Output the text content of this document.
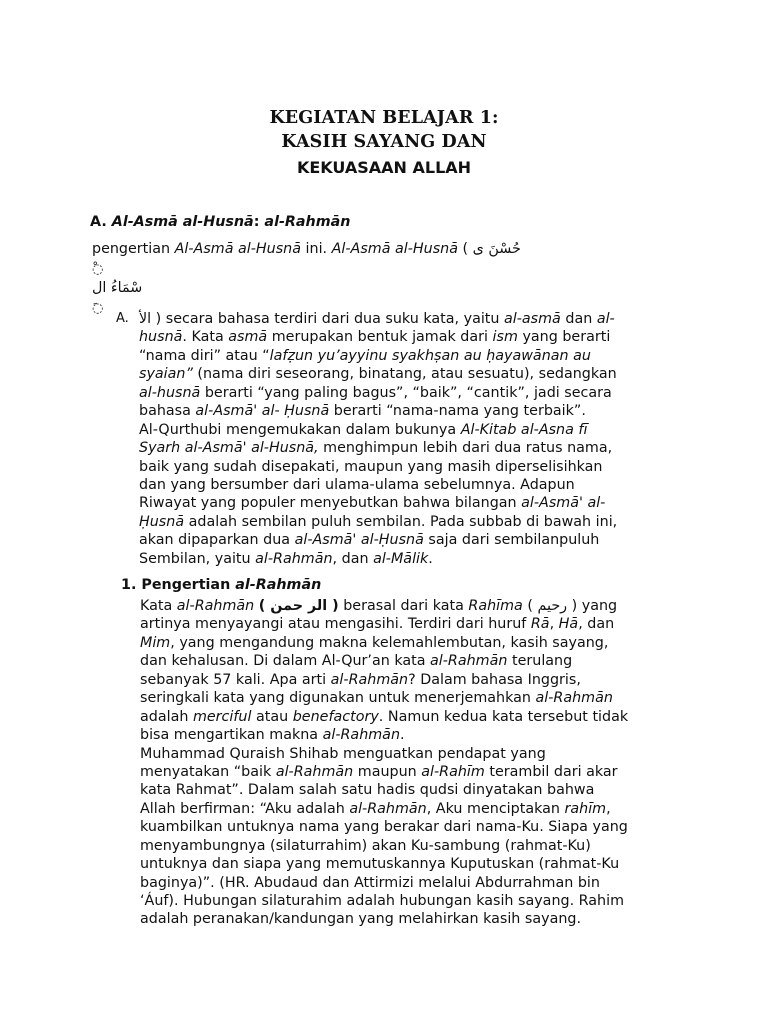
KEGIATAN BELAJAR 1:
KASIH SAYANG DAN
KEKUASAAN ALLAH
A. Al-Asmā al-Husnā: al-Rahmān
pengertian Al-Asmā al-Husnā ini. Al-Asmā al-Husnā ( حُسْنَ ى
◌ْ
سْمَاءُ ال
◌َ
A. الأ ) secara bahasa terdiri dari dua suku kata, yaitu al-asmā dan al-
husnā. Kata asmā merupakan bentuk jamak dari ism yang berarti
“nama diri” atau “lafẓun yu’ayyinu syakhṣan au ḥayawānan au
syaian” (nama diri seseorang, binatang, atau sesuatu), sedangkan
al-husnā berarti “yang paling bagus”, “baik”, “cantik”, jadi secara
bahasa al-Asmā' al- Ḥusnā berarti “nama-nama yang terbaik”.
Al-Qurthubi mengemukakan dalam bukunya Al-Kitab al-Asna fī
Syarh al-Asmā' al-Husnā, menghimpun lebih dari dua ratus nama,
baik yang sudah disepakati, maupun yang masih diperselisihkan
dan yang bersumber dari ulama-ulama sebelumnya. Adapun
Riwayat yang populer menyebutkan bahwa bilangan al-Asmā' al-
Ḥusnā adalah sembilan puluh sembilan. Pada subbab di bawah ini,
akan dipaparkan dua al-Asmā' al-Ḥusnā saja dari sembilanpuluh
Sembilan, yaitu al-Rahmān, dan al-Mālik.
1. Pengertian al-Rahmān
Kata al-Rahmān ( الر حمن ) berasal dari kata Rahīma ( رحيم ) yang
artinya menyayangi atau mengasihi. Terdiri dari huruf Rā, Hā, dan
Mim, yang mengandung makna kelemahlembutan, kasih sayang,
dan kehalusan. Di dalam Al-Qur’an kata al-Rahmān terulang
sebanyak 57 kali. Apa arti al-Rahmān? Dalam bahasa Inggris,
seringkali kata yang digunakan untuk menerjemahkan al-Rahmān
adalah merciful atau benefactory. Namun kedua kata tersebut tidak
bisa mengartikan makna al-Rahmān.
Muhammad Quraish Shihab menguatkan pendapat yang
menyatakan “baik al-Rahmān maupun al-Rahīm terambil dari akar
kata Rahmat”. Dalam salah satu hadis qudsi dinyatakan bahwa
Allah berfirman: “Aku adalah al-Rahmān, Aku menciptakan rahīm,
kuambilkan untuknya nama yang berakar dari nama-Ku. Siapa yang
menyambungnya (silaturrahim) akan Ku-sambung (rahmat-Ku)
untuknya dan siapa yang memutuskannya Kuputuskan (rahmat-Ku
baginya)”. (HR. Abudaud dan Attirmizi melalui Abdurrahman bin
‘Áuf). Hubungan silaturahim adalah hubungan kasih sayang. Rahim
adalah peranakan/kandungan yang melahirkan kasih sayang.
